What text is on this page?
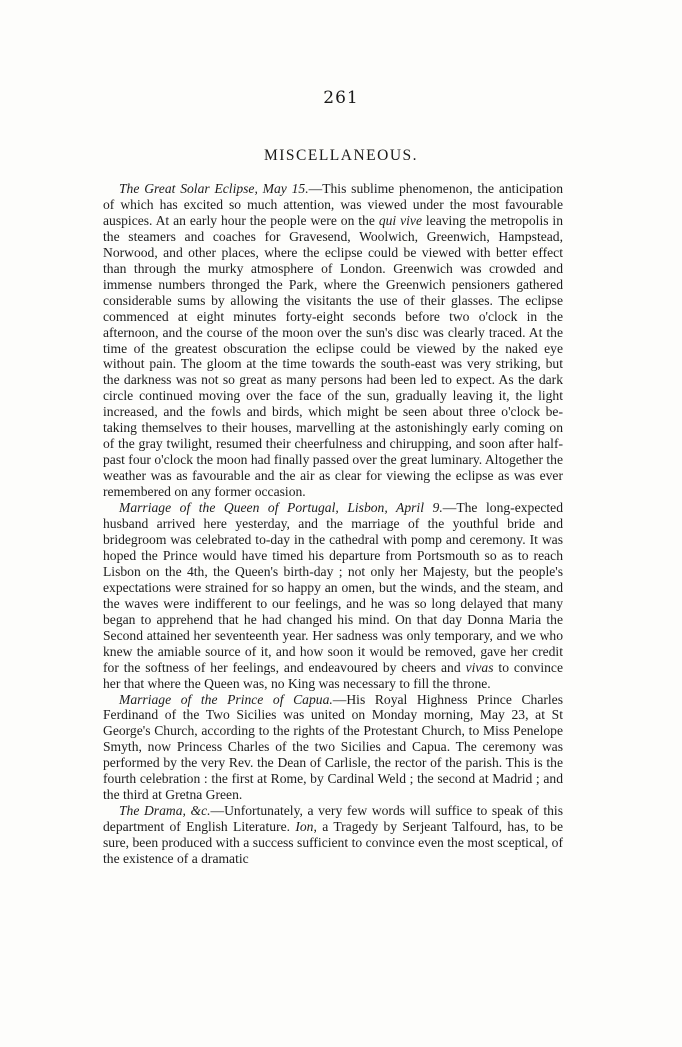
261
MISCELLANEOUS.

The Great Solar Eclipse, May 15.—This sublime phenomenon, the anticipation of which has excited so much attention, was viewed under the most favourable auspices. At an early hour the people were on the qui vive leaving the metropolis in the steamers and coaches for Gravesend, Woolwich, Greenwich, Hampstead, Norwood, and other places, where the eclipse could be viewed with better effect than through the murky atmosphere of London. Greenwich was crowded and immense numbers thronged the Park, where the Greenwich pensioners gathered considerable sums by allowing the visitants the use of their glasses. The eclipse commenced at eight minutes forty-eight seconds before two o'clock in the afternoon, and the course of the moon over the sun's disc was clearly traced. At the time of the greatest obscuration the eclipse could be viewed by the naked eye without pain. The gloom at the time towards the south-east was very striking, but the darkness was not so great as many persons had been led to expect. As the dark circle continued moving over the face of the sun, gradually leaving it, the light increased, and the fowls and birds, which might be seen about three o'clock betaking themselves to their houses, marvelling at the astonishingly early coming on of the gray twilight, resumed their cheerfulness and chirupping, and soon after half-past four o'clock the moon had finally passed over the great luminary. Altogether the weather was as favourable and the air as clear for viewing the eclipse as was ever remembered on any former occasion.

Marriage of the Queen of Portugal, Lisbon, April 9.—The long-expected husband arrived here yesterday, and the marriage of the youthful bride and bridegroom was celebrated to-day in the cathedral with pomp and ceremony. It was hoped the Prince would have timed his departure from Portsmouth so as to reach Lisbon on the 4th, the Queen's birth-day ; not only her Majesty, but the people's expectations were strained for so happy an omen, but the winds, and the steam, and the waves were indifferent to our feelings, and he was so long delayed that many began to apprehend that he had changed his mind. On that day Donna Maria the Second attained her seventeenth year. Her sadness was only temporary, and we who knew the amiable source of it, and how soon it would be removed, gave her credit for the softness of her feelings, and endeavoured by cheers and vivas to convince her that where the Queen was, no King was necessary to fill the throne.

Marriage of the Prince of Capua.—His Royal Highness Prince Charles Ferdinand of the Two Sicilies was united on Monday morning, May 23, at St George's Church, according to the rights of the Protestant Church, to Miss Penelope Smyth, now Princess Charles of the two Sicilies and Capua. The ceremony was performed by the very Rev. the Dean of Carlisle, the rector of the parish. This is the fourth celebration : the first at Rome, by Cardinal Weld ; the second at Madrid ; and the third at Gretna Green.

The Drama, &c.—Unfortunately, a very few words will suffice to speak of this department of English Literature. Ion, a Tragedy by Serjeant Talfourd, has, to be sure, been produced with a success sufficient to convince even the most sceptical, of the existence of a dramatic
